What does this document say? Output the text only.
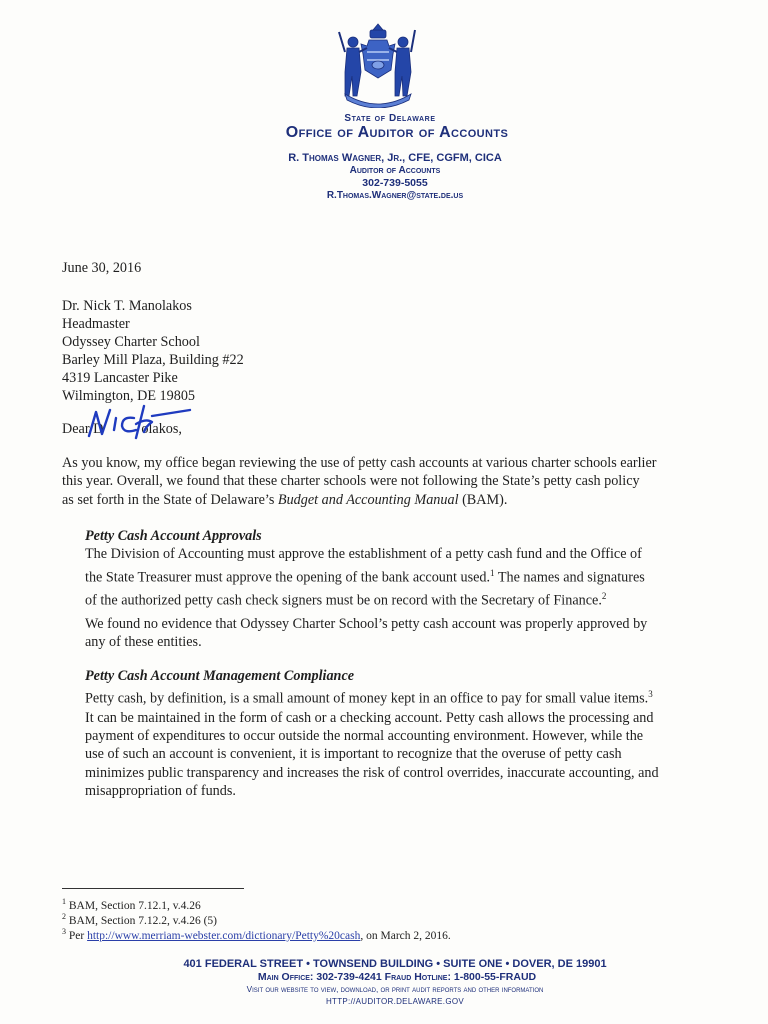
State of Delaware
Office of Auditor of Accounts
R. Thomas Wagner, Jr., CFE, CGFM, CICA
Auditor of Accounts
302-739-5055
R.Thomas.Wagner@state.de.us
June 30, 2016
Dr. Nick T. Manolakos
Headmaster
Odyssey Charter School
Barley Mill Plaza, Building #22
4319 Lancaster Pike
Wilmington, DE 19805
Dear D	olakos,
As you know, my office began reviewing the use of petty cash accounts at various charter schools earlier
this year. Overall, we found that these charter schools were not following the State’s petty cash policy
as set forth in the State of Delaware’s Budget and Accounting Manual (BAM).
Petty Cash Account Approvals
The Division of Accounting must approve the establishment of a petty cash fund and the Office of
the State Treasurer must approve the opening of the bank account used.$^1$ The names and signatures
of the authorized petty cash check signers must be on record with the Secretary of Finance.$^2$
We found no evidence that Odyssey Charter School’s petty cash account was properly approved by
any of these entities.
Petty Cash Account Management Compliance
Petty cash, by definition, is a small amount of money kept in an office to pay for small value items.$^3$
It can be maintained in the form of cash or a checking account. Petty cash allows the processing and
payment of expenditures to occur outside the normal accounting environment. However, while the
use of such an account is convenient, it is important to recognize that the overuse of petty cash
minimizes public transparency and increases the risk of control overrides, inaccurate accounting, and
misappropriation of funds.
$^1$ BAM, Section 7.12.1, v.4.26
$^2$ BAM, Section 7.12.2, v.4.26 (5)
$^3$ Per http://www.merriam-webster.com/dictionary/Petty%20cash, on March 2, 2016.
401 FEDERAL STREET • TOWNSEND BUILDING • SUITE ONE • DOVER, DE 19901
Main Office: 302-739-4241 Fraud Hotline: 1-800-55-FRAUD
Visit our website to view, download, or print audit reports and other information
HTTP://AUDITOR.DELAWARE.GOV
